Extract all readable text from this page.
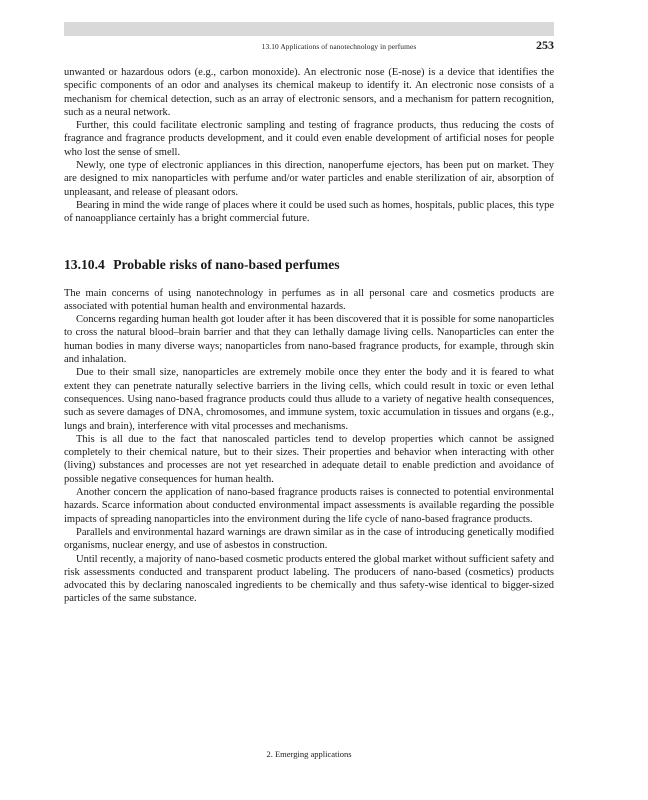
13.10 Applications of nanotechnology in perfumes	253

unwanted or hazardous odors (e.g., carbon monoxide). An electronic nose (E-nose) is a device that identifies the specific components of an odor and analyses its chemical makeup to identify it. An electronic nose consists of a mechanism for chemical detection, such as an array of electronic sensors, and a mechanism for pattern recognition, such as a neural network.

Further, this could facilitate electronic sampling and testing of fragrance products, thus reducing the costs of fragrance and fragrance products development, and it could even enable development of artificial noses for people who lost the sense of smell.

Newly, one type of electronic appliances in this direction, nanoperfume ejectors, has been put on market. They are designed to mix nanoparticles with perfume and/or water particles and enable sterilization of air, absorption of unpleasant, and release of pleasant odors.

Bearing in mind the wide range of places where it could be used such as homes, hospitals, public places, this type of nanoappliance certainly has a bright commercial future.

13.10.4 Probable risks of nano-based perfumes

The main concerns of using nanotechnology in perfumes as in all personal care and cosmetics products are associated with potential human health and environmental hazards.

Concerns regarding human health got louder after it has been discovered that it is possible for some nanoparticles to cross the natural blood–brain barrier and that they can lethally damage living cells. Nanoparticles can enter the human bodies in many diverse ways; nanoparticles from nano-based fragrance products, for example, through skin and inhalation.

Due to their small size, nanoparticles are extremely mobile once they enter the body and it is feared to what extent they can penetrate naturally selective barriers in the living cells, which could result in toxic or even lethal consequences. Using nano-based fragrance products could thus allude to a variety of negative health consequences, such as severe damages of DNA, chromosomes, and immune system, toxic accumulation in tissues and organs (e.g., lungs and brain), interference with vital processes and mechanisms.

This is all due to the fact that nanoscaled particles tend to develop properties which cannot be assigned completely to their chemical nature, but to their sizes. Their properties and behavior when interacting with other (living) substances and processes are not yet researched in adequate detail to enable prediction and avoidance of possible negative consequences for human health.

Another concern the application of nano-based fragrance products raises is connected to potential environmental hazards. Scarce information about conducted environmental impact assessments is available regarding the possible impacts of spreading nanoparticles into the environment during the life cycle of nano-based fragrance products.

Parallels and environmental hazard warnings are drawn similar as in the case of introducing genetically modified organisms, nuclear energy, and use of asbestos in construction.

Until recently, a majority of nano-based cosmetic products entered the global market without sufficient safety and risk assessments conducted and transparent product labeling. The producers of nano-based (cosmetics) products advocated this by declaring nanoscaled ingredients to be chemically and thus safety-wise identical to bigger-sized particles of the same substance.

2. Emerging applications
